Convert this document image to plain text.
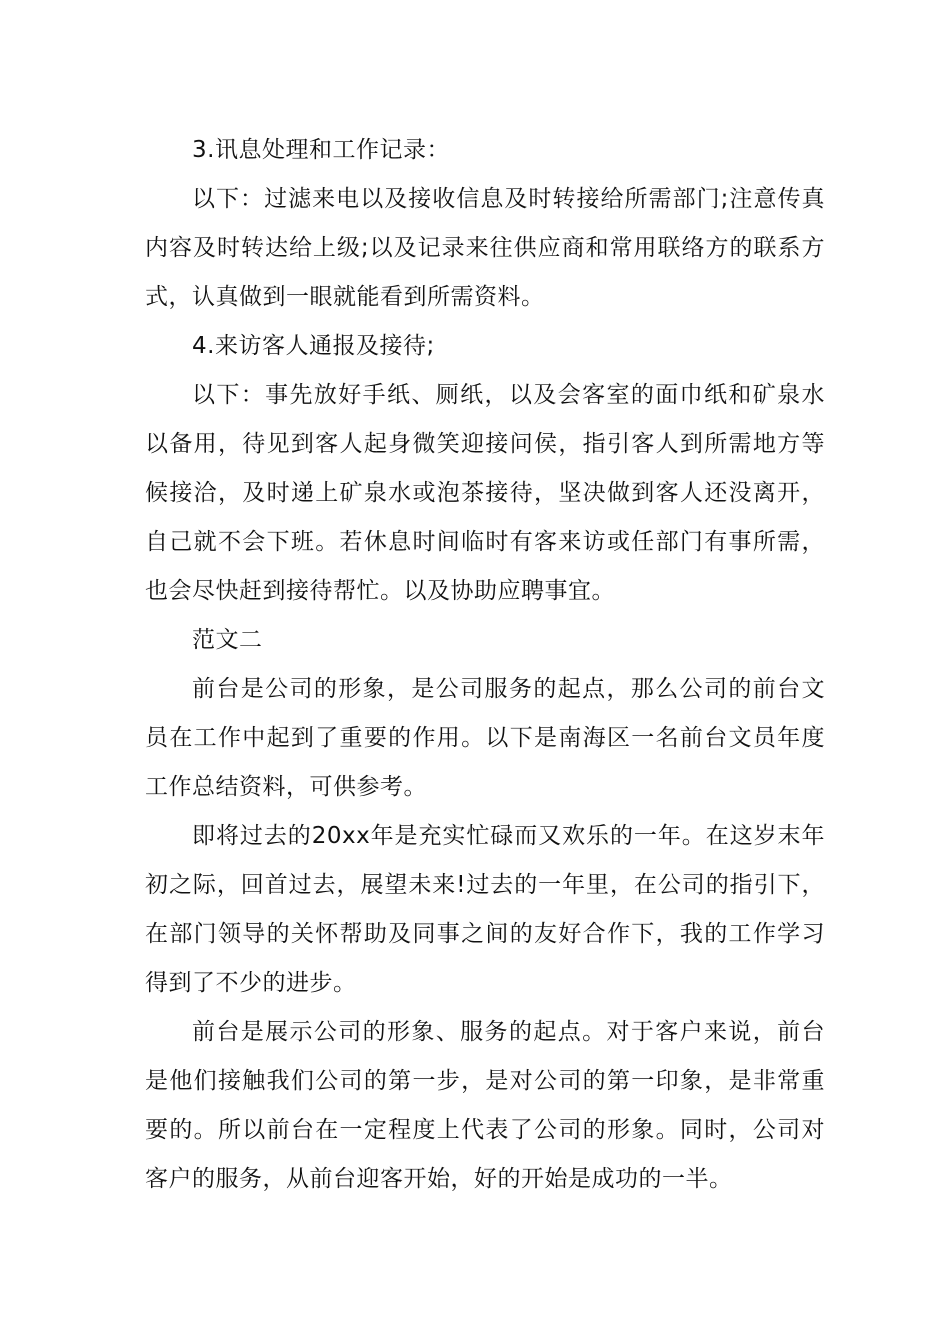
3.讯息处理和工作记录：

以下：过滤来电以及接收信息及时转接给所需部门;注意传真内容及时转达给上级;以及记录来往供应商和常用联络方的联系方式，认真做到一眼就能看到所需资料。

4.来访客人通报及接待;

以下：事先放好手纸、厕纸，以及会客室的面巾纸和矿泉水以备用，待见到客人起身微笑迎接问侯，指引客人到所需地方等候接洽，及时递上矿泉水或泡茶接待，坚决做到客人还没离开，自己就不会下班。若休息时间临时有客来访或任部门有事所需，也会尽快赶到接待帮忙。以及协助应聘事宜。

范文二

前台是公司的形象，是公司服务的起点，那么公司的前台文员在工作中起到了重要的作用。以下是南海区一名前台文员年度工作总结资料，可供参考。

即将过去的20xx年是充实忙碌而又欢乐的一年。在这岁末年初之际，回首过去，展望未来!过去的一年里，在公司的指引下，在部门领导的关怀帮助及同事之间的友好合作下，我的工作学习得到了不少的进步。

前台是展示公司的形象、服务的起点。对于客户来说，前台是他们接触我们公司的第一步，是对公司的第一印象，是非常重要的。所以前台在一定程度上代表了公司的形象。同时，公司对客户的服务，从前台迎客开始，好的开始是成功的一半。
